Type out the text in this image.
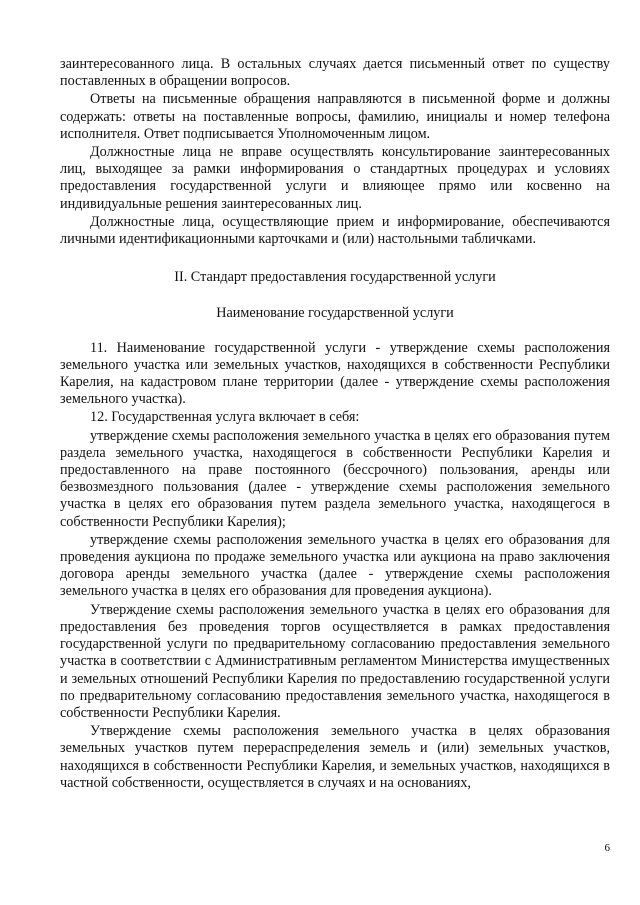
заинтересованного лица. В остальных случаях дается письменный ответ по существу поставленных в обращении вопросов.

Ответы на письменные обращения направляются в письменной форме и должны содержать: ответы на поставленные вопросы, фамилию, инициалы и номер телефона исполнителя. Ответ подписывается Уполномоченным лицом.

Должностные лица не вправе осуществлять консультирование заинтересованных лиц, выходящее за рамки информирования о стандартных процедурах и условиях предоставления государственной услуги и влияющее прямо или косвенно на индивидуальные решения заинтересованных лиц.

Должностные лица, осуществляющие прием и информирование, обеспечиваются личными идентификационными карточками и (или) настольными табличками.

II. Стандарт предоставления государственной услуги
Наименование государственной услуги

11. Наименование государственной услуги - утверждение схемы расположения земельного участка или земельных участков, находящихся в собственности Республики Карелия, на кадастровом плане территории (далее - утверждение схемы расположения земельного участка).

12. Государственная услуга включает в себя:

утверждение схемы расположения земельного участка в целях его образования путем раздела земельного участка, находящегося в собственности Республики Карелия и предоставленного на праве постоянного (бессрочного) пользования, аренды или безвозмездного пользования (далее - утверждение схемы расположения земельного участка в целях его образования путем раздела земельного участка, находящегося в собственности Республики Карелия);

утверждение схемы расположения земельного участка в целях его образования для проведения аукциона по продаже земельного участка или аукциона на право заключения договора аренды земельного участка (далее - утверждение схемы расположения земельного участка в целях его образования для проведения аукциона).

Утверждение схемы расположения земельного участка в целях его образования для предоставления без проведения торгов осуществляется в рамках предоставления государственной услуги по предварительному согласованию предоставления земельного участка в соответствии с Административным регламентом Министерства имущественных и земельных отношений Республики Карелия по предоставлению государственной услуги по предварительному согласованию предоставления земельного участка, находящегося в собственности Республики Карелия.

Утверждение схемы расположения земельного участка в целях образования земельных участков путем перераспределения земель и (или) земельных участков, находящихся в собственности Республики Карелия, и земельных участков, находящихся в частной собственности, осуществляется в случаях и на основаниях,

6
